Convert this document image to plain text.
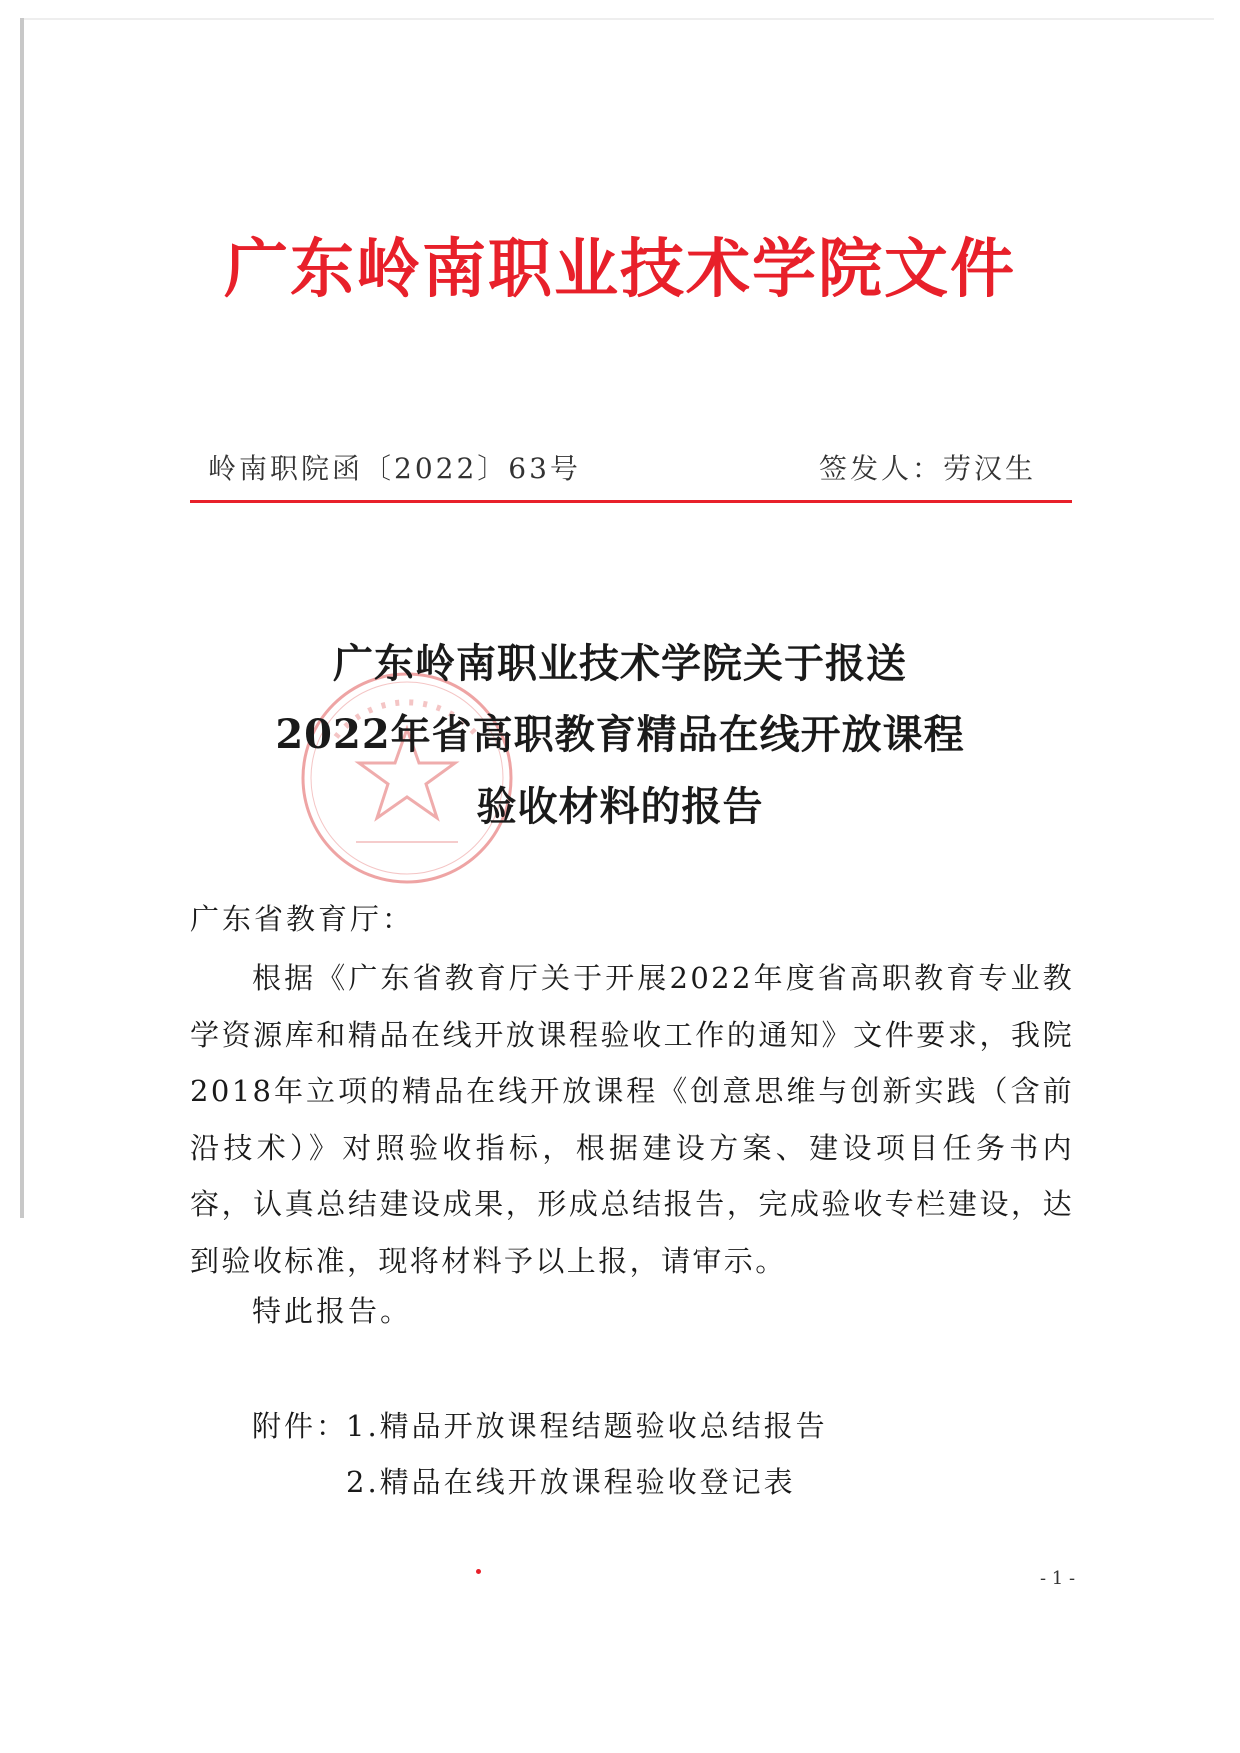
广东岭南职业技术学院文件
岭南职院函〔2022〕63号	签发人：劳汉生
广东岭南职业技术学院关于报送
2022年省高职教育精品在线开放课程
验收材料的报告
广东省教育厅：
根据《广东省教育厅关于开展2022年度省高职教育专业教学资源库和精品在线开放课程验收工作的通知》文件要求，我院2018年立项的精品在线开放课程《创意思维与创新实践（含前沿技术）》对照验收指标，根据建设方案、建设项目任务书内容，认真总结建设成果，形成总结报告，完成验收专栏建设，达到验收标准，现将材料予以上报，请审示。
特此报告。
附件：
1.精品开放课程结题验收总结报告
2.精品在线开放课程验收登记表
- 1 -
